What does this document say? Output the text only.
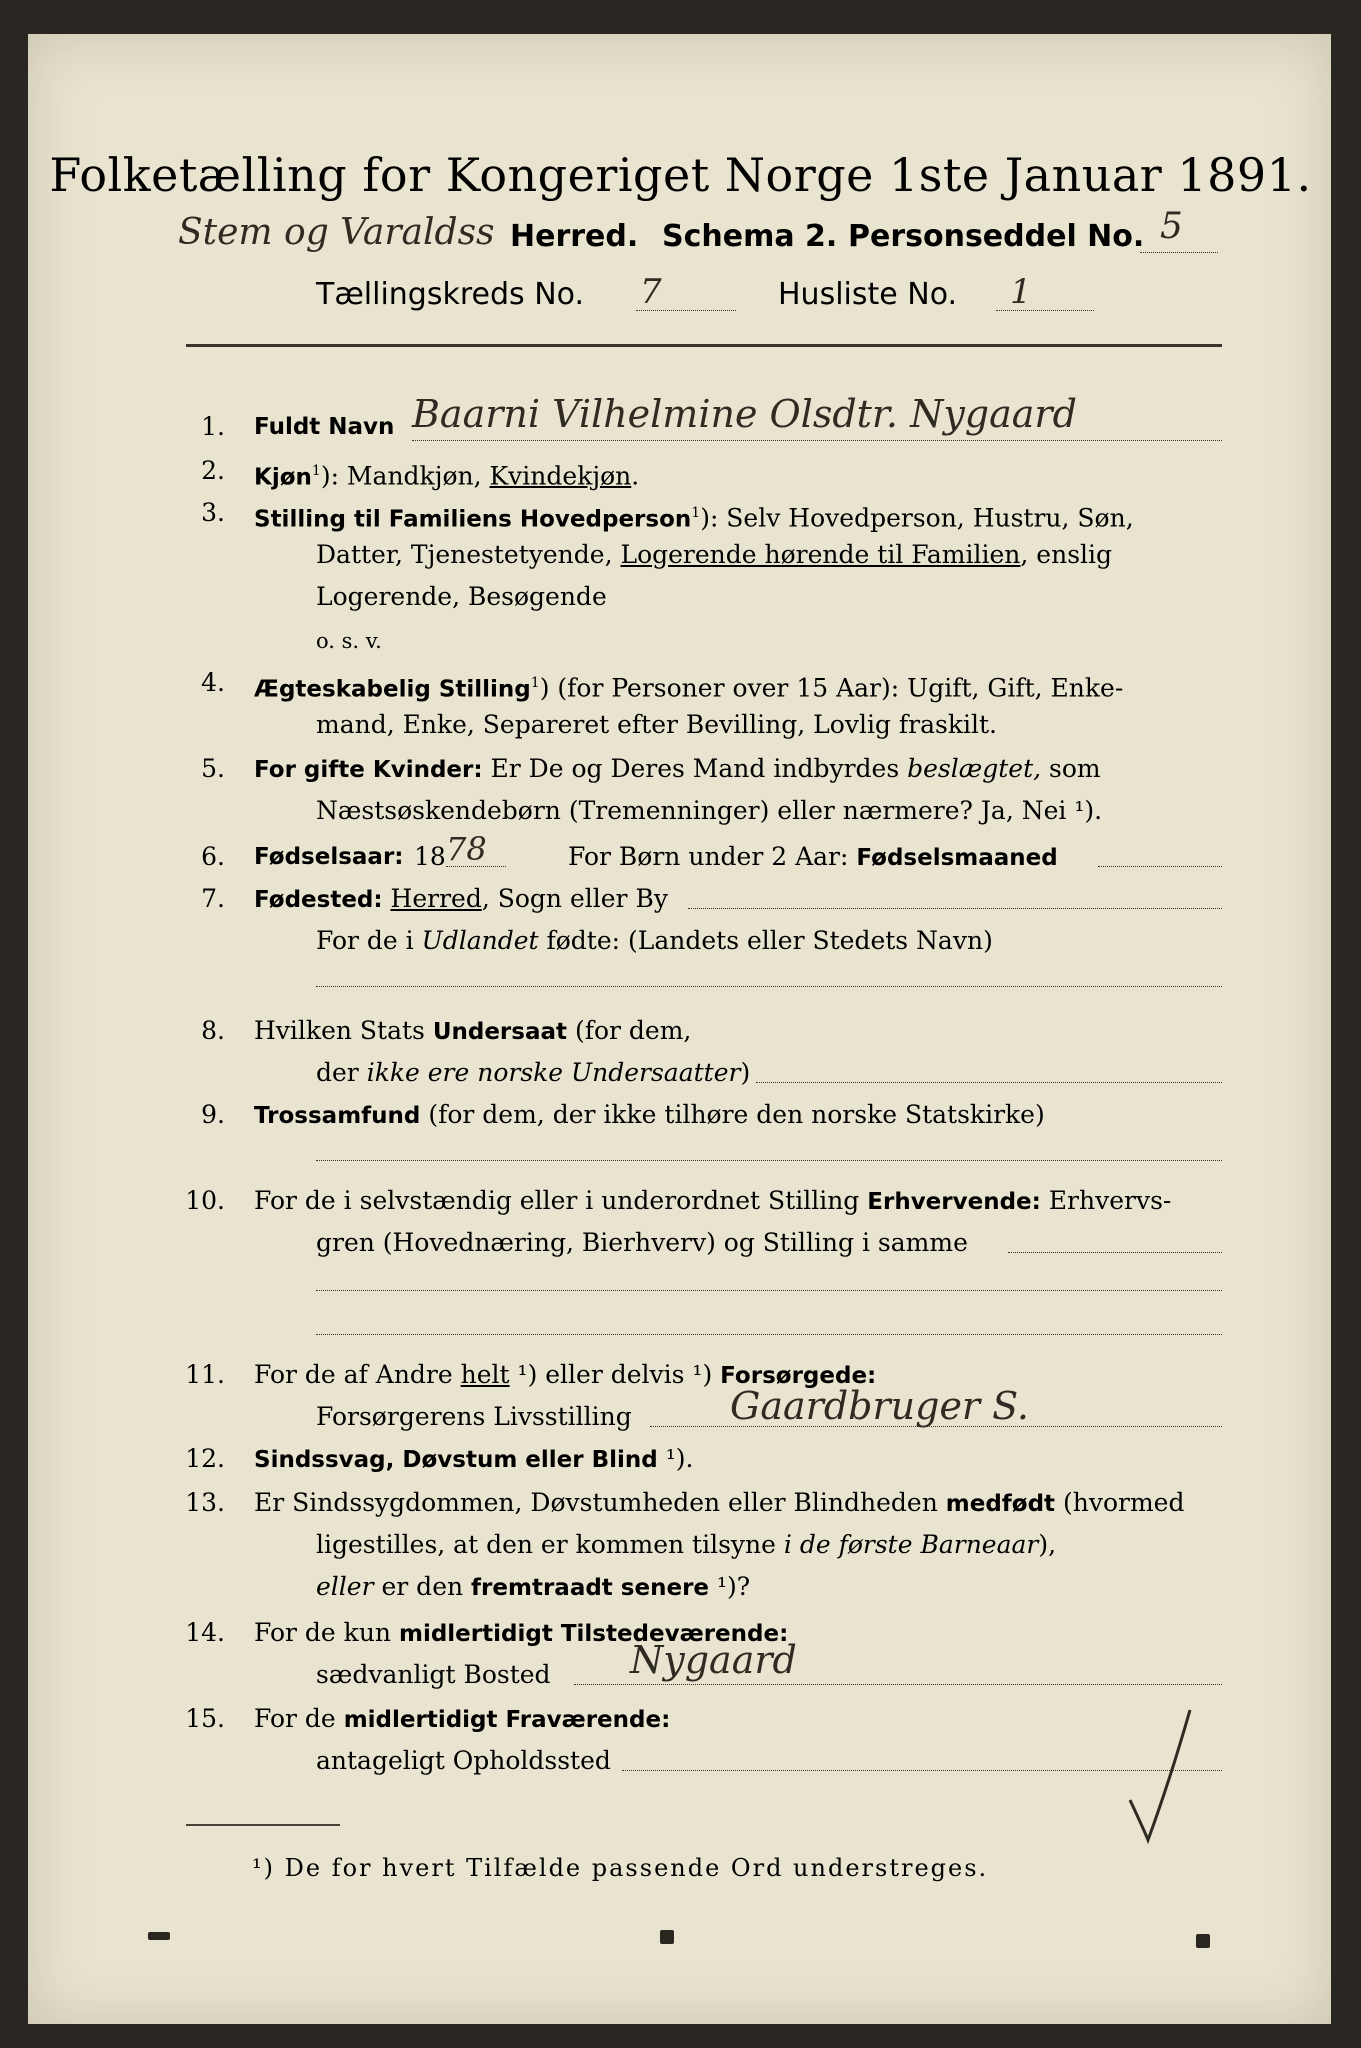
Folketælling for Kongeriget Norge 1ste Januar 1891.
Stem og Varaldss Herred. Schema 2. Personseddel No. 5
Tællingskreds No. 7	Husliste No. 1
1. Fuldt Navn Baarni Vilhelmine Olsdtr. Nygaard
2. Kjøn$^1$): Mandkjøn, Kvindekjøn.
3. Stilling til Familiens Hovedperson$^1$): Selv Hovedperson, Hustru, Søn,
Datter, Tjenestetyende, Logerende hørende til Familien, enslig
Logerende, Besøgende
o. s. v.
4. Ægteskabelig Stilling$^1$) (for Personer over 15 Aar): Ugift, Gift, Enke-
mand, Enke, Separeret efter Bevilling, Lovlig fraskilt.
5. For gifte Kvinder: Er De og Deres Mand indbyrdes beslægtet, som
Næstsøskendebørn (Tremenninger) eller nærmere? Ja, Nei ¹).
6. Fødselsaar: 18 78	For Børn under 2 Aar: Fødselsmaaned
7. Fødested: Herred, Sogn eller By
For de i Udlandet fødte: (Landets eller Stedets Navn)
8. Hvilken Stats Undersaat (for dem,
der ikke ere norske Undersaatter)
9. Trossamfund (for dem, der ikke tilhøre den norske Statskirke)
10. For de i selvstændig eller i underordnet Stilling Erhvervende: Erhvervs-
gren (Hovednæring, Bierhverv) og Stilling i samme
11. For de af Andre helt ¹) eller delvis ¹) Forsørgede:
Forsørgerens Livsstilling	Gaardbruger S.
12. Sindssvag, Døvstum eller Blind ¹).
13. Er Sindssygdommen, Døvstumheden eller Blindheden medfødt (hvormed
ligestilles, at den er kommen tilsyne i de første Barneaar),
eller er den fremtraadt senere ¹)?
14. For de kun midlertidigt Tilstedeværende:
sædvanligt Bosted Nygaard
15. For de midlertidigt Fraværende:
antageligt Opholdssted
¹) De for hvert Tilfælde passende Ord understreges.
